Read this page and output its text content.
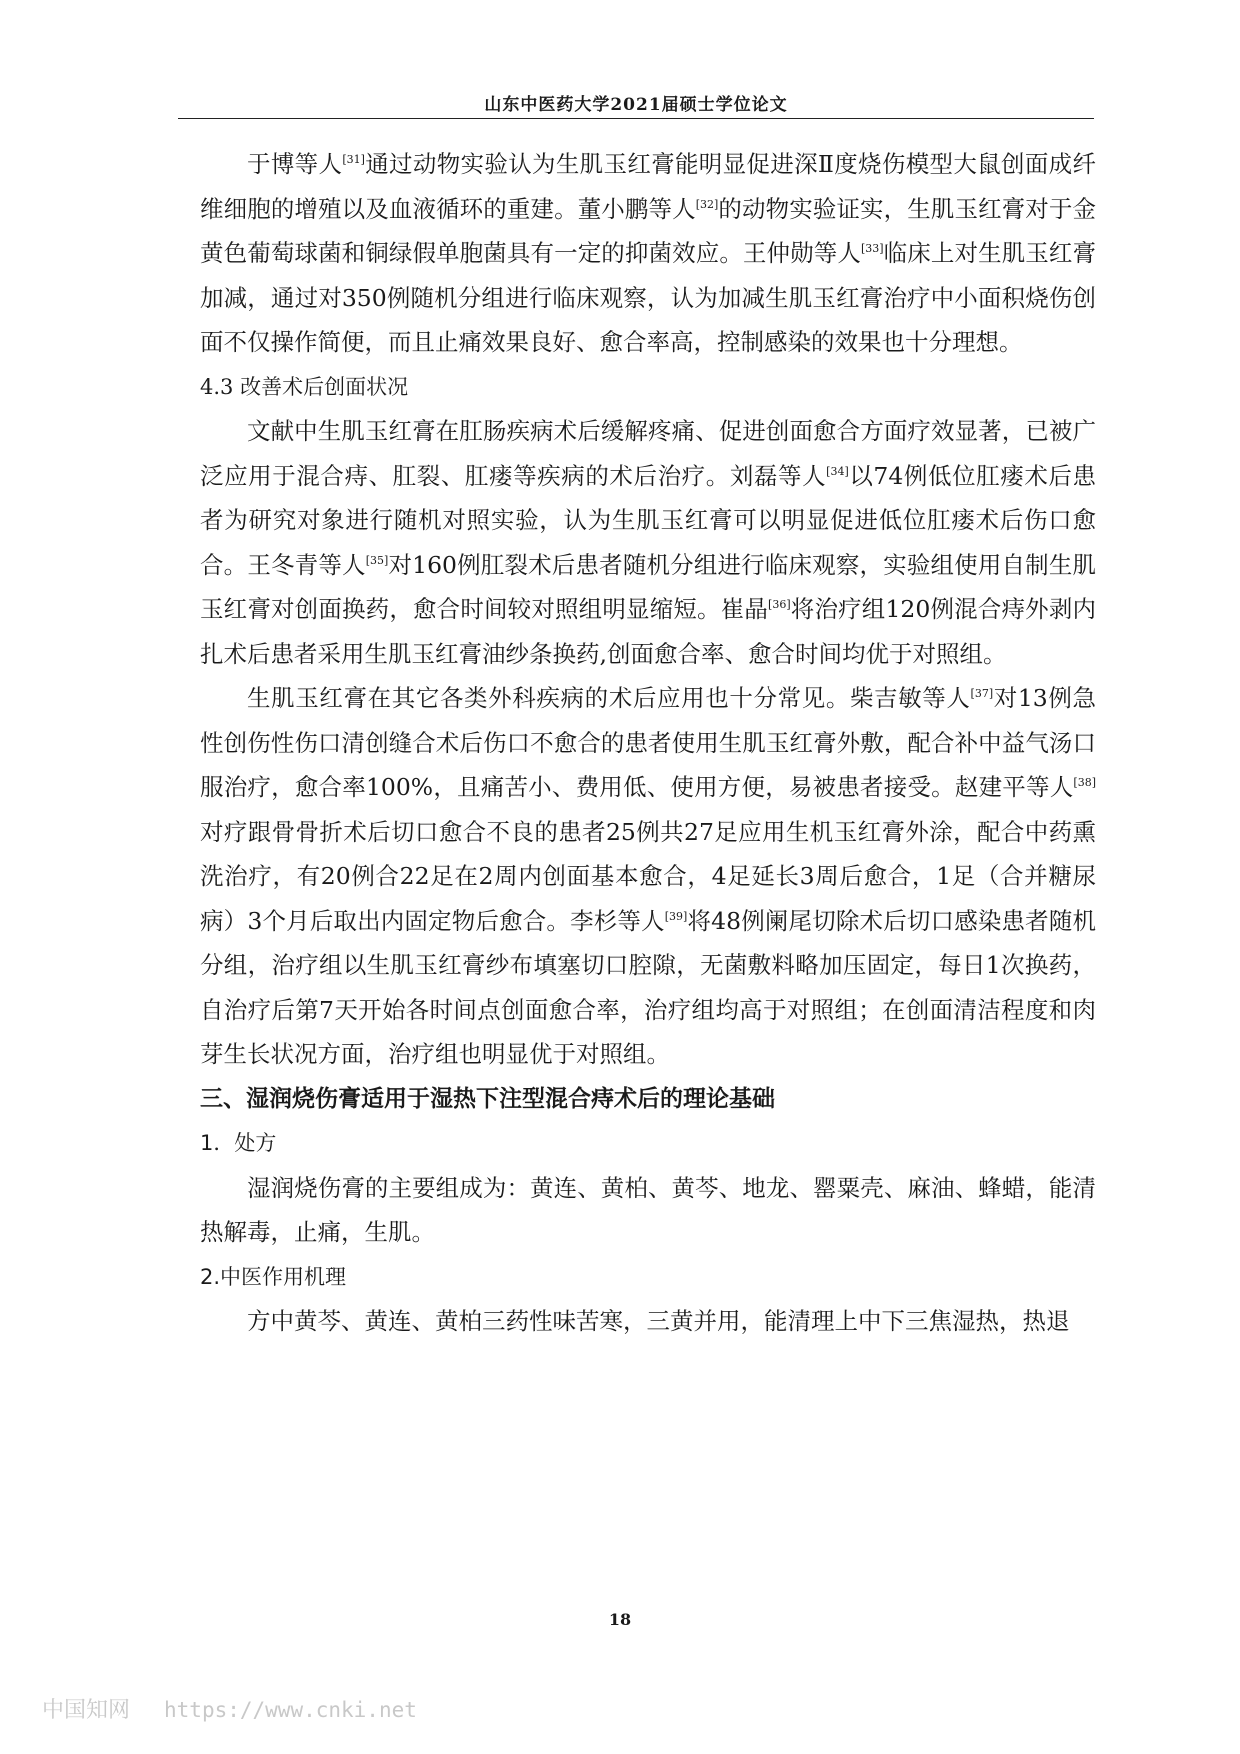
山东中医药大学2021届硕士学位论文

于博等人[31]通过动物实验认为生肌玉红膏能明显促进深Ⅱ度烧伤模型大鼠创面成纤维细胞的增殖以及血液循环的重建。董小鹏等人[32]的动物实验证实，生肌玉红膏对于金黄色葡萄球菌和铜绿假单胞菌具有一定的抑菌效应。王仲勋等人[33]临床上对生肌玉红膏加减，通过对350例随机分组进行临床观察，认为加减生肌玉红膏治疗中小面积烧伤创面不仅操作简便，而且止痛效果良好、愈合率高，控制感染的效果也十分理想。

4.3 改善术后创面状况

文献中生肌玉红膏在肛肠疾病术后缓解疼痛、促进创面愈合方面疗效显著，已被广泛应用于混合痔、肛裂、肛瘘等疾病的术后治疗。刘磊等人[34]以74例低位肛瘘术后患者为研究对象进行随机对照实验，认为生肌玉红膏可以明显促进低位肛瘘术后伤口愈合。王冬青等人[35]对160例肛裂术后患者随机分组进行临床观察，实验组使用自制生肌玉红膏对创面换药，愈合时间较对照组明显缩短。崔晶[36]将治疗组120例混合痔外剥内扎术后患者采用生肌玉红膏油纱条换药,创面愈合率、愈合时间均优于对照组。

生肌玉红膏在其它各类外科疾病的术后应用也十分常见。柴吉敏等人[37]对13例急性创伤性伤口清创缝合术后伤口不愈合的患者使用生肌玉红膏外敷，配合补中益气汤口服治疗，愈合率100%，且痛苦小、费用低、使用方便，易被患者接受。赵建平等人[38]对疗跟骨骨折术后切口愈合不良的患者25例共27足应用生机玉红膏外涂，配合中药熏洗治疗，有20例合22足在2周内创面基本愈合，4足延长3周后愈合，1足（合并糖尿病）3个月后取出内固定物后愈合。李杉等人[39]将48例阑尾切除术后切口感染患者随机分组，治疗组以生肌玉红膏纱布填塞切口腔隙，无菌敷料略加压固定，每日1次换药，自治疗后第7天开始各时间点创面愈合率，治疗组均高于对照组；在创面清洁程度和肉芽生长状况方面，治疗组也明显优于对照组。

三、湿润烧伤膏适用于湿热下注型混合痔术后的理论基础

1．处方

湿润烧伤膏的主要组成为：黄连、黄柏、黄芩、地龙、罂粟壳、麻油、蜂蜡，能清热解毒，止痛，生肌。

2.中医作用机理

方中黄芩、黄连、黄柏三药性味苦寒，三黄并用，能清理上中下三焦湿热，热退

18
中国知网 https://www.cnki.net
